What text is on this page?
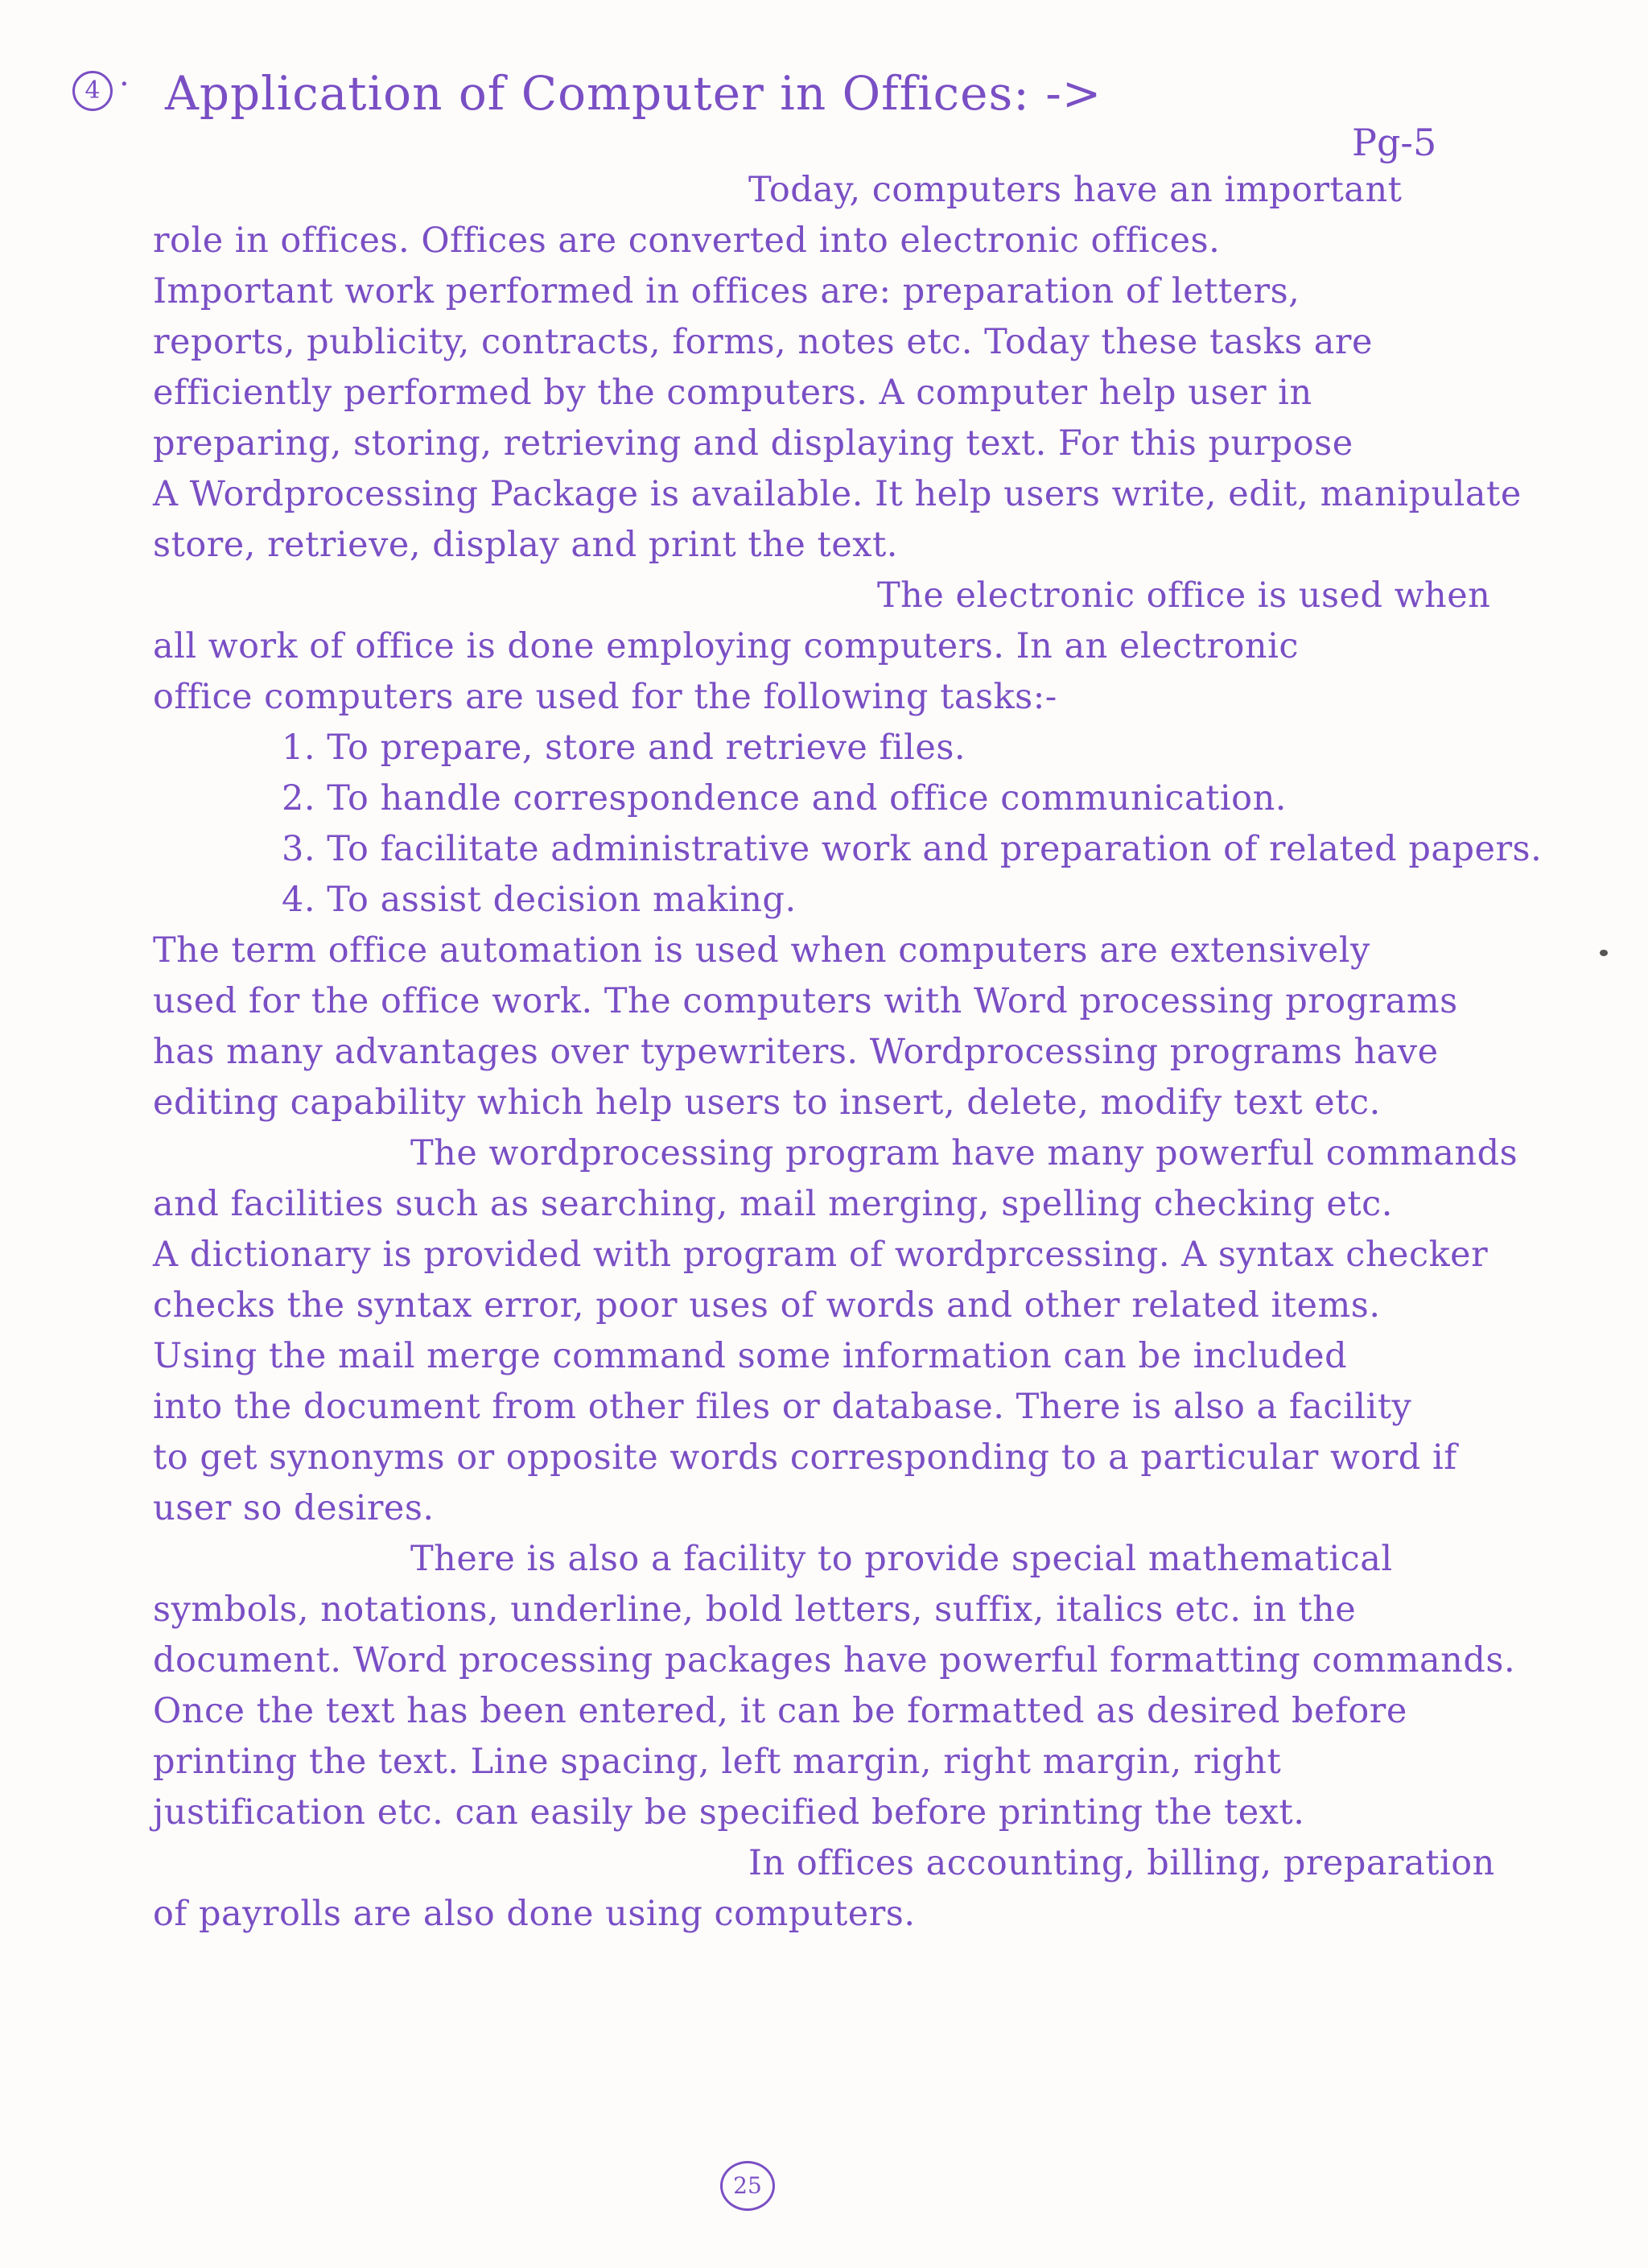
4 · Application of Computer in Offices: ->
Pg-5
Today, computers have an important
role in offices. Offices are converted into electronic offices.
Important work performed in offices are: preparation of letters,
reports, publicity, contracts, forms, notes etc. Today these tasks are
efficiently performed by the computers. A computer help user in
preparing, storing, retrieving and displaying text. For this purpose
A Wordprocessing Package is available. It help users write, edit, manipulate
store, retrieve, display and print the text.
The electronic office is used when
all work of office is done employing computers. In an electronic
office computers are used for the following tasks:-
1. To prepare, store and retrieve files.
2. To handle correspondence and office communication.
3. To facilitate administrative work and preparation of related papers.
4. To assist decision making.
The term office automation is used when computers are extensively
used for the office work. The computers with Word processing programs
has many advantages over typewriters. Wordprocessing programs have
editing capability which help users to insert, delete, modify text etc.
The wordprocessing program have many powerful commands
and facilities such as searching, mail merging, spelling checking etc.
A dictionary is provided with program of wordprcessing. A syntax checker
checks the syntax error, poor uses of words and other related items.
Using the mail merge command some information can be included
into the document from other files or database. There is also a facility
to get synonyms or opposite words corresponding to a particular word if
user so desires.
There is also a facility to provide special mathematical
symbols, notations, underline, bold letters, suffix, italics etc. in the
document. Word processing packages have powerful formatting commands.
Once the text has been entered, it can be formatted as desired before
printing the text. Line spacing, left margin, right margin, right
justification etc. can easily be specified before printing the text.
In offices accounting, billing, preparation
of payrolls are also done using computers.
25
